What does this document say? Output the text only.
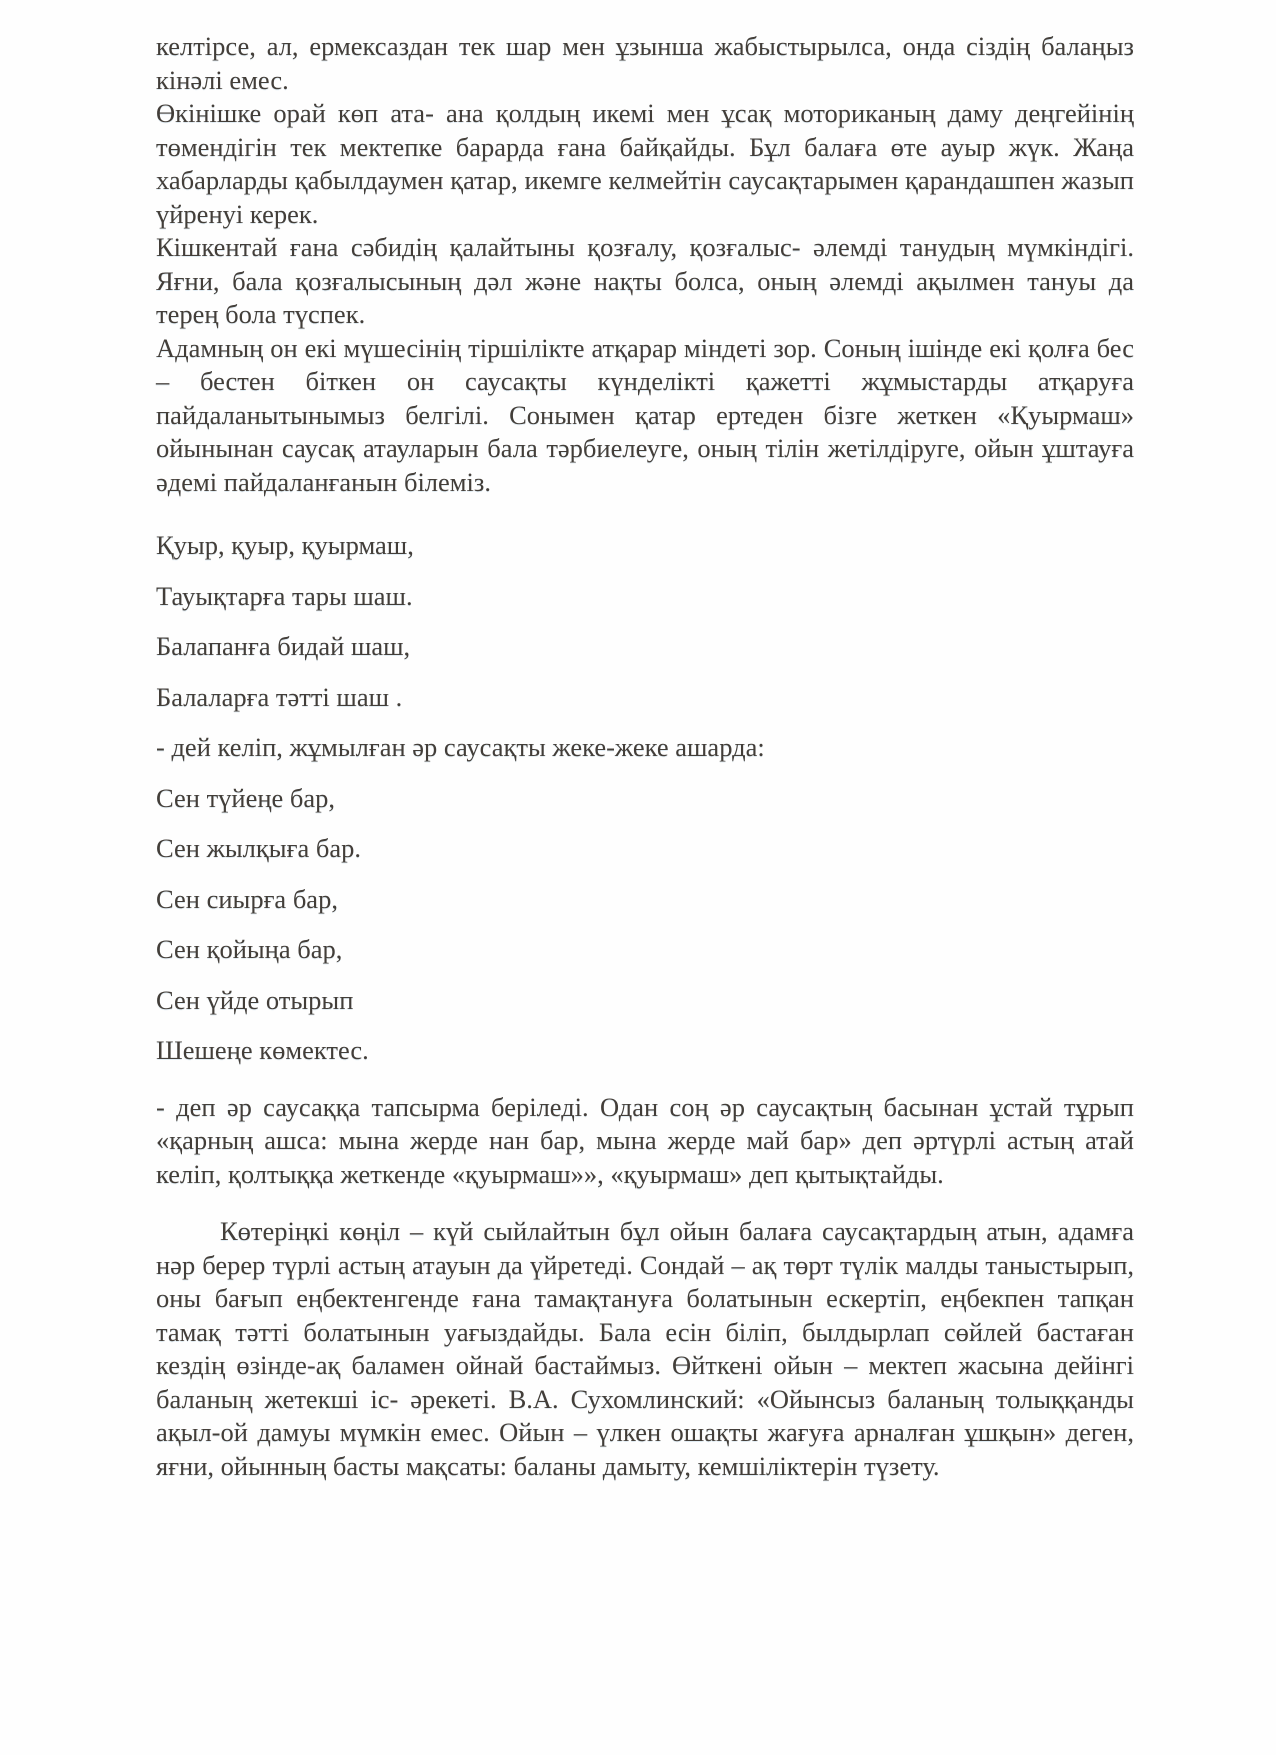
келтірсе, ал, ермексаздан тек шар мен ұзынша жабыстырылса, онда сіздің балаңыз кінәлі емес.

Өкінішке орай көп ата- ана қолдың икемі мен ұсақ моториканың даму деңгейінің төмендігін тек мектепке барарда ғана байқайды. Бұл балаға өте ауыр жүк. Жаңа хабарларды қабылдаумен қатар, икемге келмейтін саусақтарымен қарандашпен жазып үйренуі керек.

Кішкентай ғана сәбидің қалайтыны қозғалу, қозғалыс- әлемді танудың мүмкіндігі. Яғни, бала қозғалысының дәл және нақты болса, оның әлемді ақылмен тануы да терең бола түспек.

Адамның он екі мүшесінің тіршілікте атқарар міндеті зор. Соның ішінде екі қолға бес – бестен біткен он саусақты күнделікті қажетті жұмыстарды атқаруға пайдаланытынымыз белгілі. Сонымен қатар ертеден бізге жеткен «Қуырмаш» ойынынан саусақ атауларын бала тәрбиелеуге, оның тілін жетілдіруге, ойын ұштауға әдемі пайдаланғанын білеміз.

Қуыр, қуыр, қуырмаш,

Тауықтарға тары шаш.

Балапанға бидай шаш,

Балаларға тәтті шаш .

- дей келіп, жұмылған әр саусақты жеке-жеке ашарда:

Сен түйеңе бар,

Сен жылқыға бар.

Сен сиырға бар,

Сен қойыңа бар,

Сен үйде отырып

Шешеңе көмектес.

- деп әр саусаққа тапсырма беріледі. Одан соң әр саусақтың басынан ұстай тұрып «қарның ашса: мына жерде нан бар, мына жерде май бар» деп әртүрлі астың атай келіп, қолтыққа жеткенде «қуырмаш»», «қуырмаш» деп қытықтайды.

Көтеріңкі көңіл – күй сыйлайтын бұл ойын балаға саусақтардың атын, адамға нәр берер түрлі астың атауын да үйретеді. Сондай – ақ төрт түлік малды таныстырып, оны бағып еңбектенгенде ғана тамақтануға болатынын ескертіп, еңбекпен тапқан тамақ тәтті болатынын уағыздайды. Бала есін біліп, былдырлап сөйлей бастаған кездің өзінде-ақ баламен ойнай бастаймыз. Өйткені ойын – мектеп жасына дейінгі баланың жетекші іс- әрекеті. В.А. Сухомлинский: «Ойынсыз баланың толыққанды ақыл-ой дамуы мүмкін емес. Ойын – үлкен ошақты жағуға арналған ұшқын» деген, яғни, ойынның басты мақсаты: баланы дамыту, кемшіліктерін түзету.
